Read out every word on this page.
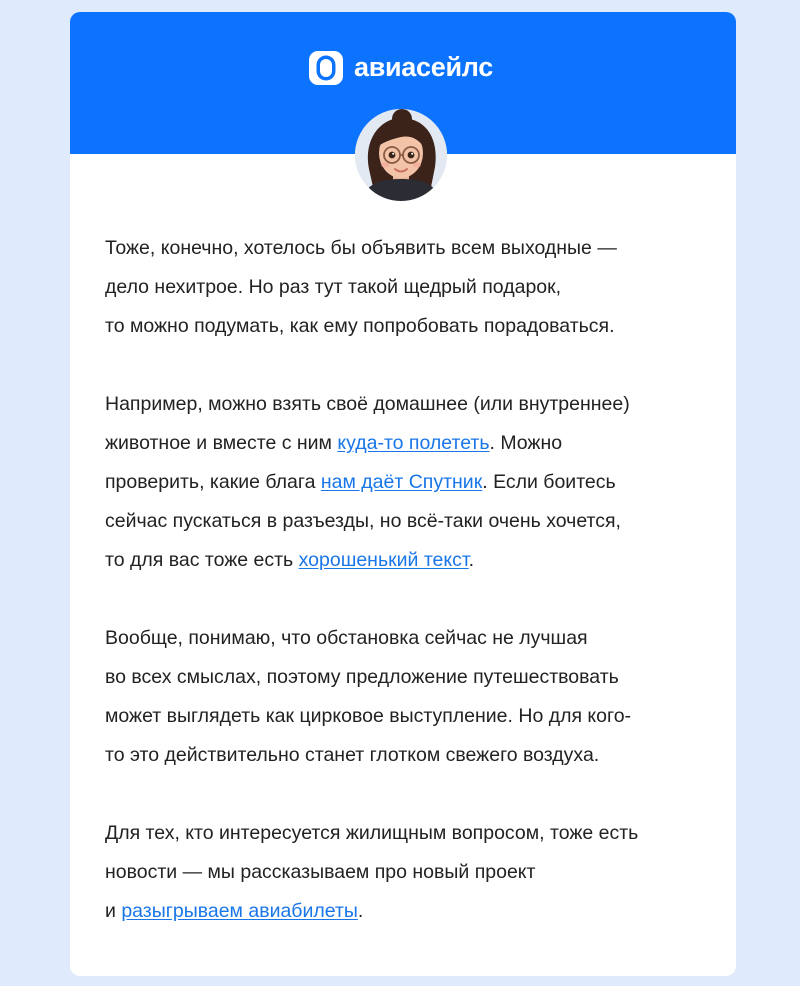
авиасейлс

Тоже, конечно, хотелось бы объявить всем выходные —
дело нехитрое. Но раз тут такой щедрый подарок,
то можно подумать, как ему попробовать порадоваться.

Например, можно взять своё домашнее (или внутреннее)
животное и вместе с ним куда-то полететь. Можно
проверить, какие блага нам даёт Спутник. Если боитесь
сейчас пускаться в разъезды, но всё-таки очень хочется,
то для вас тоже есть хорошенький текст.

Вообще, понимаю, что обстановка сейчас не лучшая
во всех смыслах, поэтому предложение путешествовать
может выглядеть как цирковое выступление. Но для кого-
то это действительно станет глотком свежего воздуха.

Для тех, кто интересуется жилищным вопросом, тоже есть
новости — мы рассказываем про новый проект
и разыгрываем авиабилеты.
